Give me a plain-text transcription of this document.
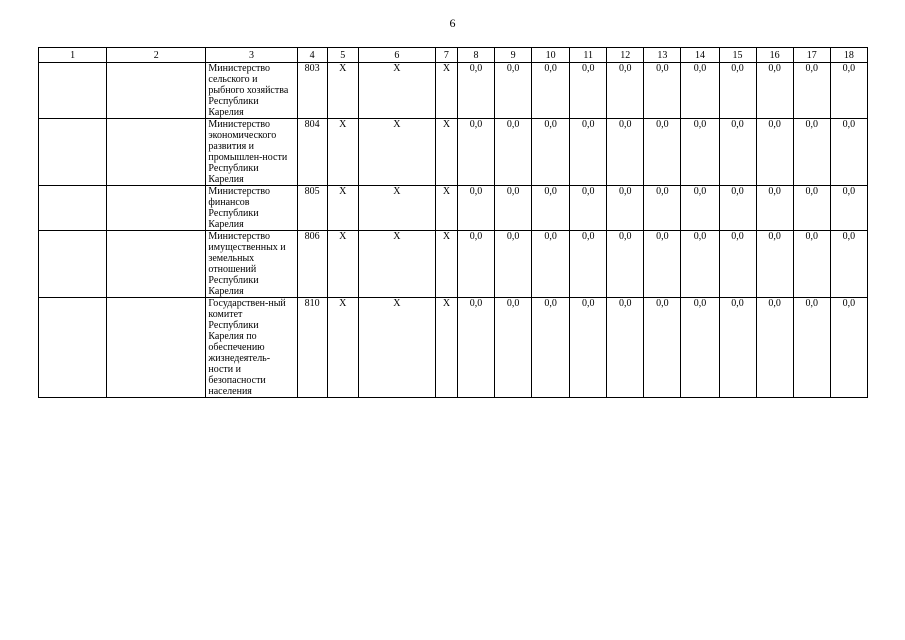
6
1	2	3	4	5	6	7	8	9	10	11	12	13	14	15	16	17	18
		Министерство сельского и рыбного хозяйства Республики Карелия	803	Х	Х	Х	0,0	0,0	0,0	0,0	0,0	0,0	0,0	0,0	0,0	0,0	0,0
		Министерство экономического развития и промышлен-ности Республики Карелия	804	Х	Х	Х	0,0	0,0	0,0	0,0	0,0	0,0	0,0	0,0	0,0	0,0	0,0
		Министерство финансов Республики Карелия	805	Х	Х	Х	0,0	0,0	0,0	0,0	0,0	0,0	0,0	0,0	0,0	0,0	0,0
		Министерство имущественных и земельных отношений Республики Карелия	806	Х	Х	Х	0,0	0,0	0,0	0,0	0,0	0,0	0,0	0,0	0,0	0,0	0,0
		Государствен-ный комитет Республики Карелия по обеспечению жизнедеятель-ности и безопасности населения	810	Х	Х	Х	0,0	0,0	0,0	0,0	0,0	0,0	0,0	0,0	0,0	0,0	0,0
